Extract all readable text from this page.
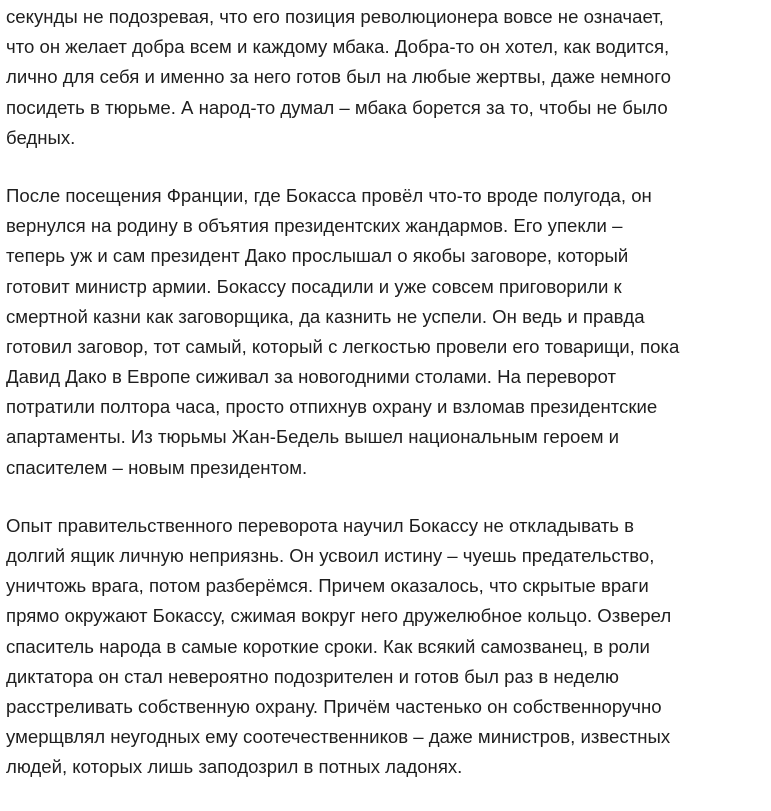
секунды не подозревая, что его позиция революционера вовсе не означает,
что он желает добра всем и каждому мбака. Добра-то он хотел, как водится,
лично для себя и именно за него готов был на любые жертвы, даже немного
посидеть в тюрьме. А народ-то думал – мбака борется за то, чтобы не было
бедных.

После посещения Франции, где Бокасса провёл что-то вроде полугода, он
вернулся на родину в объятия президентских жандармов. Его упекли –
теперь уж и сам президент Дако прослышал о якобы заговоре, который
готовит министр армии. Бокассу посадили и уже совсем приговорили к
смертной казни как заговорщика, да казнить не успели. Он ведь и правда
готовил заговор, тот самый, который с легкостью провели его товарищи, пока
Давид Дако в Европе сиживал за новогодними столами. На переворот
потратили полтора часа, просто отпихнув охрану и взломав президентские
апартаменты. Из тюрьмы Жан-Бедель вышел национальным героем и
спасителем – новым президентом.

Опыт правительственного переворота научил Бокассу не откладывать в
долгий ящик личную неприязнь. Он усвоил истину – чуешь предательство,
уничтожь врага, потом разберёмся. Причем оказалось, что скрытые враги
прямо окружают Бокассу, сжимая вокруг него дружелюбное кольцо. Озверел
спаситель народа в самые короткие сроки. Как всякий самозванец, в роли
диктатора он стал невероятно подозрителен и готов был раз в неделю
расстреливать собственную охрану. Причём частенько он собственноручно
умерщвлял неугодных ему соотечественников – даже министров, известных
людей, которых лишь заподозрил в потных ладонях.
